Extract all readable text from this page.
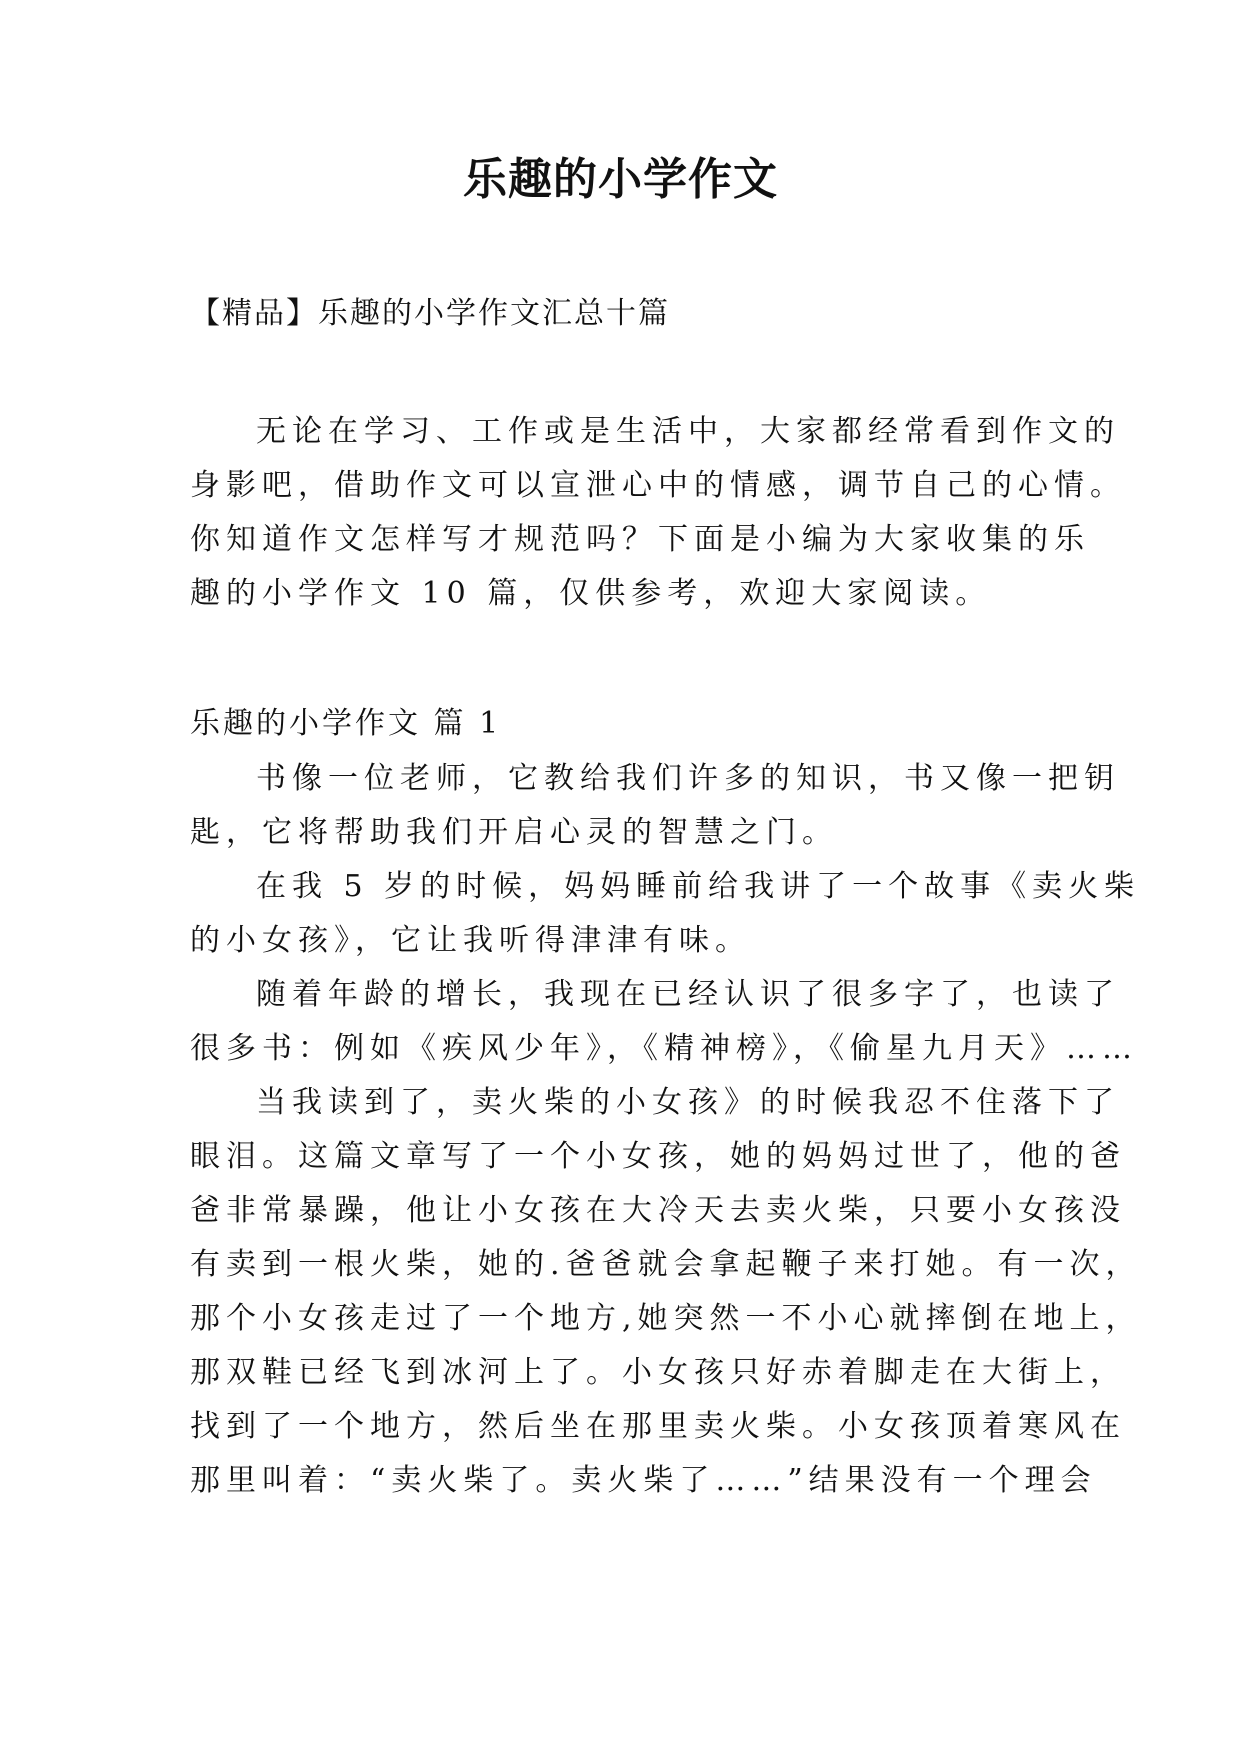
乐趣的小学作文
【精品】乐趣的小学作文汇总十篇
无论在学习、工作或是生活中，大家都经常看到作文的
身影吧，借助作文可以宣泄心中的情感，调节自己的心情。
你知道作文怎样写才规范吗？下面是小编为大家收集的乐
趣的小学作文 10 篇，仅供参考，欢迎大家阅读。
乐趣的小学作文 篇 1
书像一位老师，它教给我们许多的知识，书又像一把钥
匙，它将帮助我们开启心灵的智慧之门。
在我 5 岁的时候，妈妈睡前给我讲了一个故事《卖火柴
的小女孩》，它让我听得津津有味。
随着年龄的增长，我现在已经认识了很多字了，也读了
很多书：例如《疾风少年》，《精神榜》，《偷星九月天》……
当我读到了，卖火柴的小女孩》的时候我忍不住落下了
眼泪。这篇文章写了一个小女孩，她的妈妈过世了，他的爸
爸非常暴躁，他让小女孩在大冷天去卖火柴，只要小女孩没
有卖到一根火柴，她的.爸爸就会拿起鞭子来打她。有一次，
那个小女孩走过了一个地方,她突然一不小心就摔倒在地上，
那双鞋已经飞到冰河上了。小女孩只好赤着脚走在大街上，
找到了一个地方，然后坐在那里卖火柴。小女孩顶着寒风在
那里叫着：“卖火柴了。卖火柴了……”结果没有一个理会
